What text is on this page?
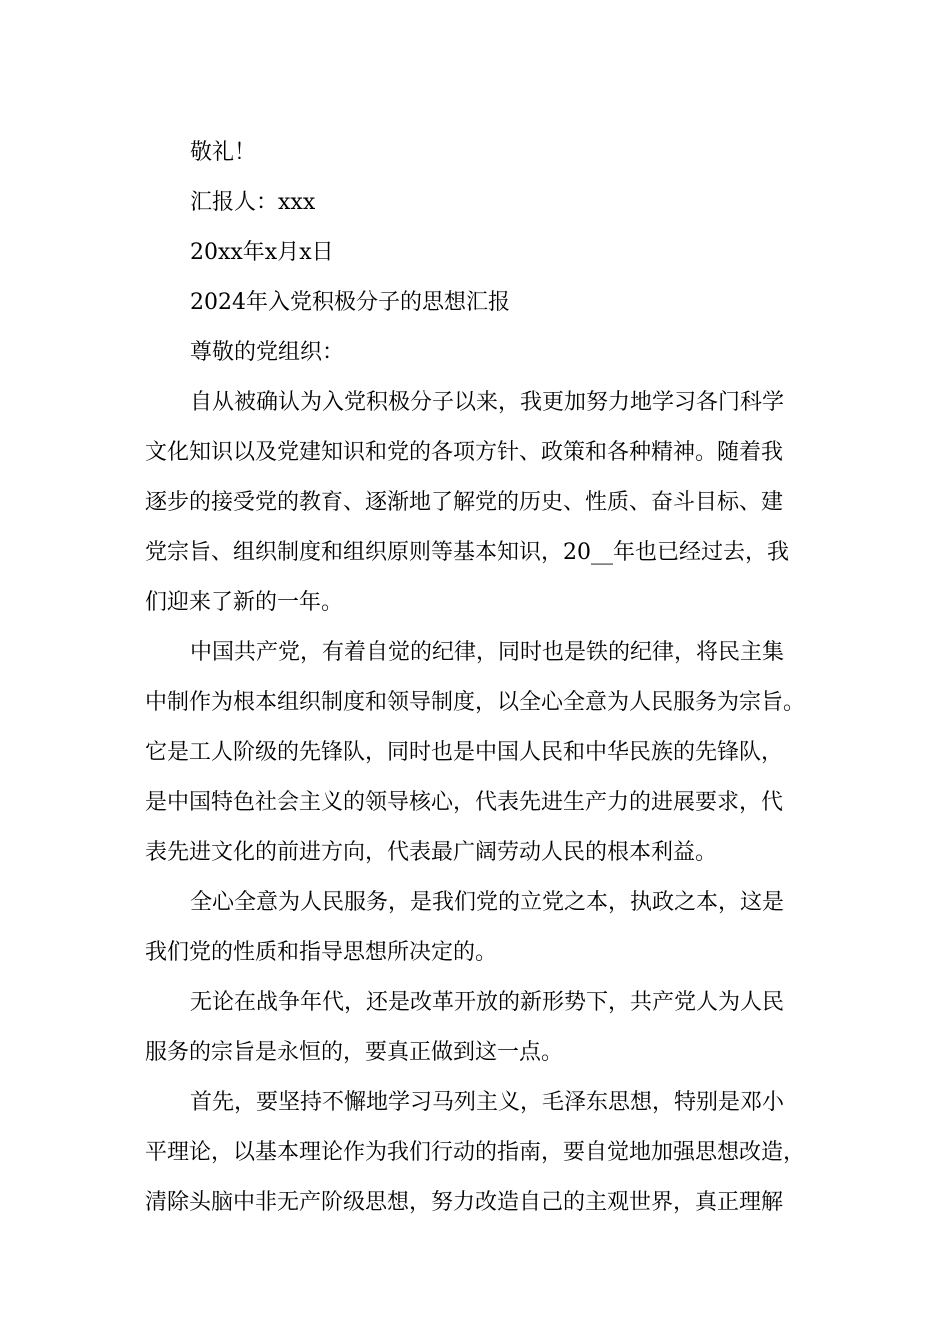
敬礼！
汇报人：xxx
20xx年x月x日
2024年入党积极分子的思想汇报
尊敬的党组织：
自从被确认为入党积极分子以来，我更加努力地学习各门科学
文化知识以及党建知识和党的各项方针、政策和各种精神。随着我
逐步的接受党的教育、逐渐地了解党的历史、性质、奋斗目标、建
党宗旨、组织制度和组织原则等基本知识，20__年也已经过去，我
们迎来了新的一年。
中国共产党，有着自觉的纪律，同时也是铁的纪律，将民主集
中制作为根本组织制度和领导制度，以全心全意为人民服务为宗旨。
它是工人阶级的先锋队，同时也是中国人民和中华民族的先锋队，
是中国特色社会主义的领导核心，代表先进生产力的进展要求，代
表先进文化的前进方向，代表最广阔劳动人民的根本利益。
全心全意为人民服务，是我们党的立党之本，执政之本，这是
我们党的性质和指导思想所决定的。
无论在战争年代，还是改革开放的新形势下，共产党人为人民
服务的宗旨是永恒的，要真正做到这一点。
首先，要坚持不懈地学习马列主义，毛泽东思想，特别是邓小
平理论，以基本理论作为我们行动的指南，要自觉地加强思想改造，
清除头脑中非无产阶级思想，努力改造自己的主观世界，真正理解
